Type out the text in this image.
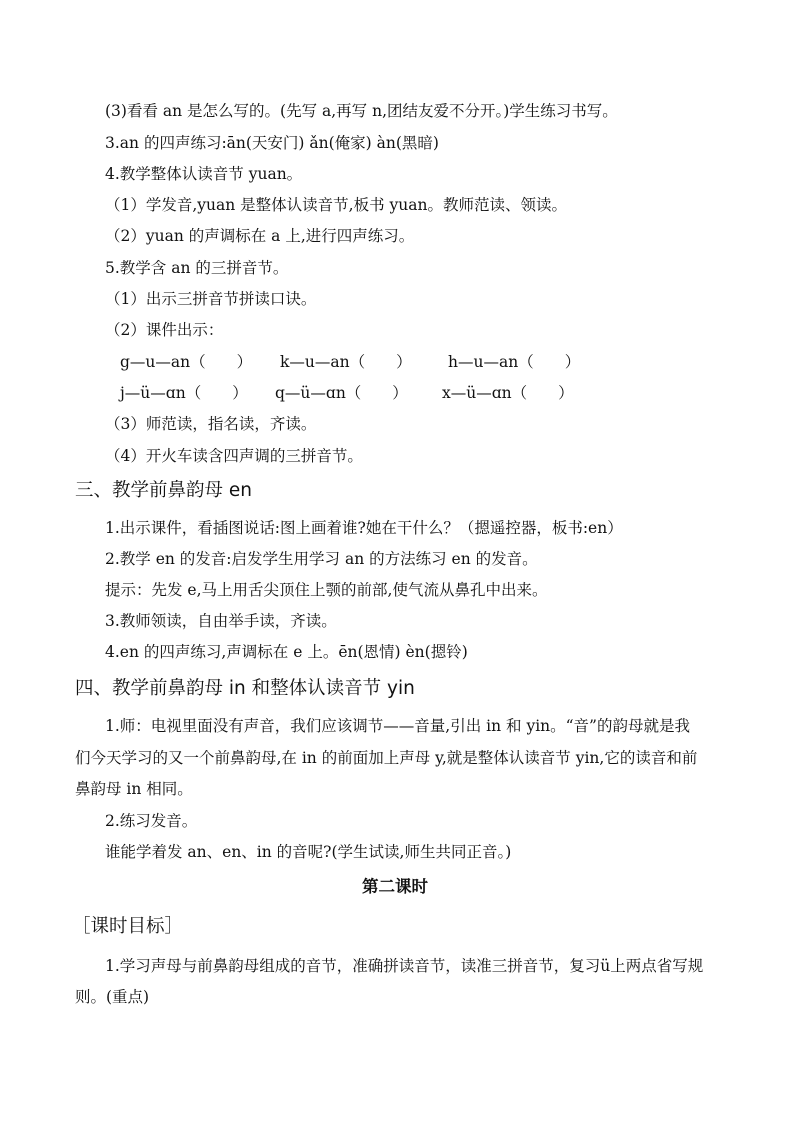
(3)看看 an 是怎么写的。(先写 a,再写 n,团结友爱不分开。)学生练习书写。
3.an 的四声练习:ān(天安门) ǎn(俺家) àn(黑暗)
4.教学整体认读音节 yuan。
（1）学发音,yuan 是整体认读音节,板书 yuan。教师范读、领读。
（2）yuan 的声调标在 a 上,进行四声练习。
5.教学含 an 的三拼音节。
（1）出示三拼音节拼读口诀。
（2）课件出示：
g—u—an（　　） k—u—an（　　） h—u—an（　　）
j—ü—ɑn（　　） q—ü—ɑn（　　） x—ü—ɑn（　　）
（3）师范读，指名读，齐读。
（4）开火车读含四声调的三拼音节。
三、教学前鼻韵母 en
1.出示课件，看插图说话:图上画着谁?她在干什么？（摁遥控器，板书:en）
2.教学 en 的发音:启发学生用学习 an 的方法练习 en 的发音。
提示：先发 e,马上用舌尖顶住上颚的前部,使气流从鼻孔中出来。
3.教师领读，自由举手读，齐读。
4.en 的四声练习,声调标在 e 上。ēn(恩情) èn(摁铃)
四、教学前鼻韵母 in 和整体认读音节 yin
1.师：电视里面没有声音，我们应该调节——音量,引出 in 和 yin。“音”的韵母就是我
们今天学习的又一个前鼻韵母,在 in 的前面加上声母 y,就是整体认读音节 yin,它的读音和前
鼻韵母 in 相同。
2.练习发音。
谁能学着发 an、en、in 的音呢?(学生试读,师生共同正音。)
第二课时
［课时目标］
1.学习声母与前鼻韵母组成的音节，准确拼读音节，读准三拼音节，复习ü上两点省写规
则。(重点)
